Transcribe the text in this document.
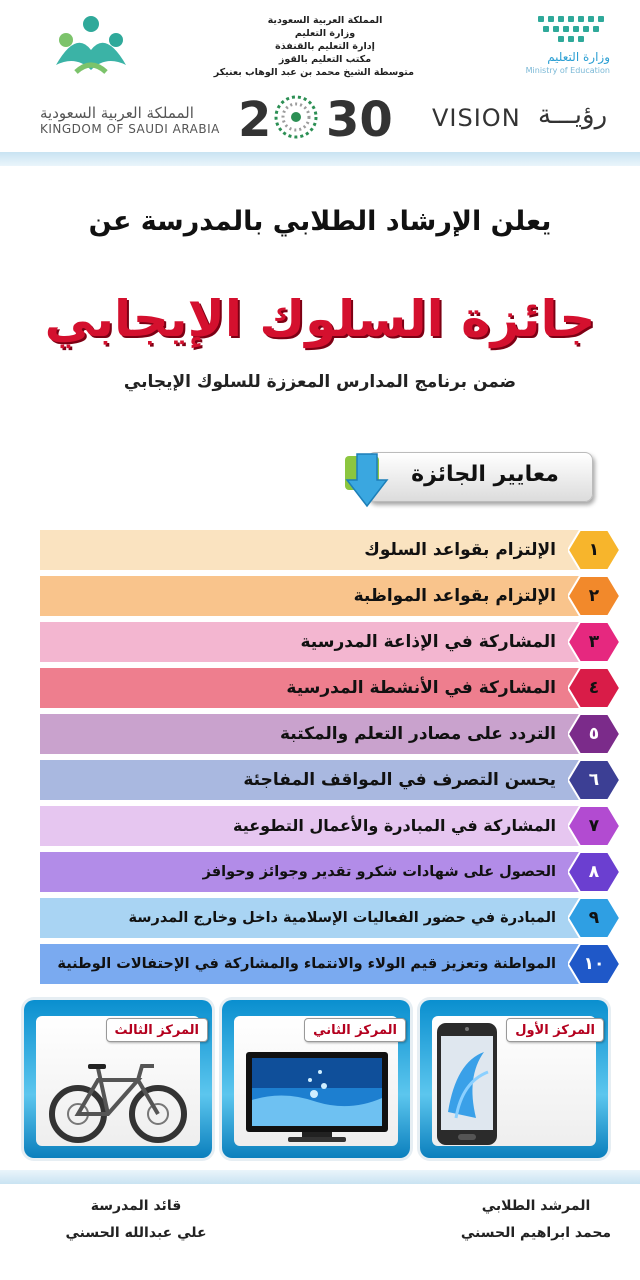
المملكة العربية السعودية
KINGDOM OF SAUDI ARABIA
المملكة العربية السعودية
وزارة التعليم
إدارة التعليم بالقنفذة
مكتب التعليم بالقوز
متوسطة الشيخ محمد بن عبد الوهاب بعنيكر
2 30 VISION رؤيـــة
وزارة التعليم
Ministry of Education
يعلن الإرشاد الطلابي بالمدرسة عن
جائزة السلوك الإيجابي
ضمن برنامج المدارس المعززة للسلوك الإيجابي
معايير الجائزة
الإلتزام بقواعد السلوك	١
الإلتزام بقواعد المواظبة	٢
المشاركة في الإذاعة المدرسية	٣
المشاركة في الأنشطة المدرسية	٤
التردد على مصادر التعلم والمكتبة	٥
يحسن التصرف في المواقف المفاجئة	٦
المشاركة في المبادرة والأعمال التطوعية	٧
الحصول على شهادات شكرو تقدير وجوائز وحوافز	٨
المبادرة في حضور الفعاليات الإسلامية داخل وخارج المدرسة	٩
المواطنة وتعزيز قيم الولاء والانتماء والمشاركة في الإحتفالات الوطنية	١٠
المركز الثالث	المركز الثاني	المركز الأول
المرشد الطلابي
محمد ابراهيم الحسني
قائد المدرسة
علي عبدالله الحسني
